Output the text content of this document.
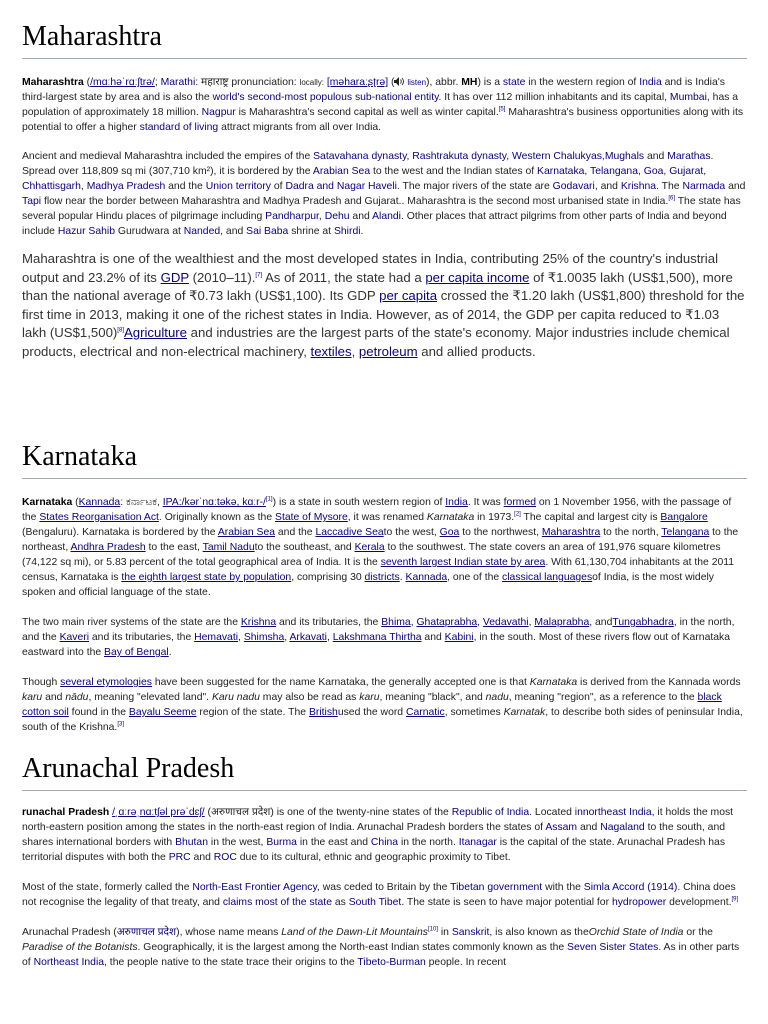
Maharashtra

Maharashtra (/mɑːhəˈrɑːʃtrə/; Marathi: महाराष्ट्र pronunciation: locally: [məharaːʂʈrə] ( listen), abbr. MH) is a state in the western region of India and is India's third-largest state by area and is also the world's second-most populous sub-national entity. It has over 112 million inhabitants and its capital, Mumbai, has a population of approximately 18 million. Nagpur is Maharashtra's second capital as well as winter capital.[5] Maharashtra's business opportunities along with its potential to offer a higher standard of living attract migrants from all over India.

Ancient and medieval Maharashtra included the empires of the Satavahana dynasty, Rashtrakuta dynasty, Western Chalukyas,Mughals and Marathas. Spread over 118,809 sq mi (307,710 km²), it is bordered by the Arabian Sea to the west and the Indian states of Karnataka, Telangana, Goa, Gujarat, Chhattisgarh, Madhya Pradesh and the Union territory of Dadra and Nagar Haveli. The major rivers of the state are Godavari, and Krishna. The Narmada and Tapi flow near the border between Maharashtra and Madhya Pradesh and Gujarat.. Maharashtra is the second most urbanised state in India.[6] The state has several popular Hindu places of pilgrimage including Pandharpur, Dehu and Alandi. Other places that attract pilgrims from other parts of India and beyond include Hazur Sahib Gurudwara at Nanded, and Sai Baba shrine at Shirdi.

Maharashtra is one of the wealthiest and the most developed states in India, contributing 25% of the country's industrial output and 23.2% of its GDP (2010–11).[7] As of 2011, the state had a per capita income of ₹1.0035 lakh (US$1,500), more than the national average of ₹0.73 lakh (US$1,100). Its GDP per capita crossed the ₹1.20 lakh (US$1,800) threshold for the first time in 2013, making it one of the richest states in India. However, as of 2014, the GDP per capita reduced to ₹1.03 lakh (US$1,500)[8]Agriculture and industries are the largest parts of the state's economy. Major industries include chemical products, electrical and non-electrical machinery, textiles, petroleum and allied products.

Karnataka

Karnataka (Kannada: ಕರ್ನಾಟಕ, IPA:/kərˈnɑːtəkə, kɑːr-/[1]) is a state in south western region of India. It was formed on 1 November 1956, with the passage of the States Reorganisation Act. Originally known as the State of Mysore, it was renamed Karnataka in 1973.[2] The capital and largest city is Bangalore (Bengaluru). Karnataka is bordered by the Arabian Sea and the Laccadive Seato the west, Goa to the northwest, Maharashtra to the north, Telangana to the northeast, Andhra Pradesh to the east, Tamil Naduto the southeast, and Kerala to the southwest. The state covers an area of 191,976 square kilometres (74,122 sq mi), or 5.83 percent of the total geographical area of India. It is the seventh largest Indian state by area. With 61,130,704 inhabitants at the 2011 census, Karnataka is the eighth largest state by population, comprising 30 districts. Kannada, one of the classical languagesof India, is the most widely spoken and official language of the state.

The two main river systems of the state are the Krishna and its tributaries, the Bhima, Ghataprabha, Vedavathi, Malaprabha, andTungabhadra, in the north, and the Kaveri and its tributaries, the Hemavati, Shimsha, Arkavati, Lakshmana Thirtha and Kabini, in the south. Most of these rivers flow out of Karnataka eastward into the Bay of Bengal.

Though several etymologies have been suggested for the name Karnataka, the generally accepted one is that Karnataka is derived from the Kannada words karu and nādu, meaning "elevated land". Karu nadu may also be read as karu, meaning "black", and nadu, meaning "region", as a reference to the black cotton soil found in the Bayalu Seeme region of the state. The Britishused the word Carnatic, sometimes Karnatak, to describe both sides of peninsular India, south of the Krishna.[3]

Arunachal Pradesh

runachal Pradesh /ˌɑːrəˌnɑːtʃəl prəˈdɛʃ/ (अरुणाचल प्रदेश) is one of the twenty-nine states of the Republic of India. Located innortheast India, it holds the most north-eastern position among the states in the north-east region of India. Arunachal Pradesh borders the states of Assam and Nagaland to the south, and shares international borders with Bhutan in the west, Burma in the east and China in the north. Itanagar is the capital of the state. Arunachal Pradesh has territorial disputes with both the PRC and ROC due to its cultural, ethnic and geographic proximity to Tibet.

Most of the state, formerly called the North-East Frontier Agency, was ceded to Britain by the Tibetan government with the Simla Accord (1914). China does not recognise the legality of that treaty, and claims most of the state as South Tibet. The state is seen to have major potential for hydropower development.[9]

Arunachal Pradesh (अरुणाचल प्रदेश), whose name means Land of the Dawn-Lit Mountains[10] in Sanskrit, is also known as theOrchid State of India or the Paradise of the Botanists. Geographically, it is the largest among the North-east Indian states commonly known as the Seven Sister States. As in other parts of Northeast India, the people native to the state trace their origins to the Tibeto-Burman people. In recent
